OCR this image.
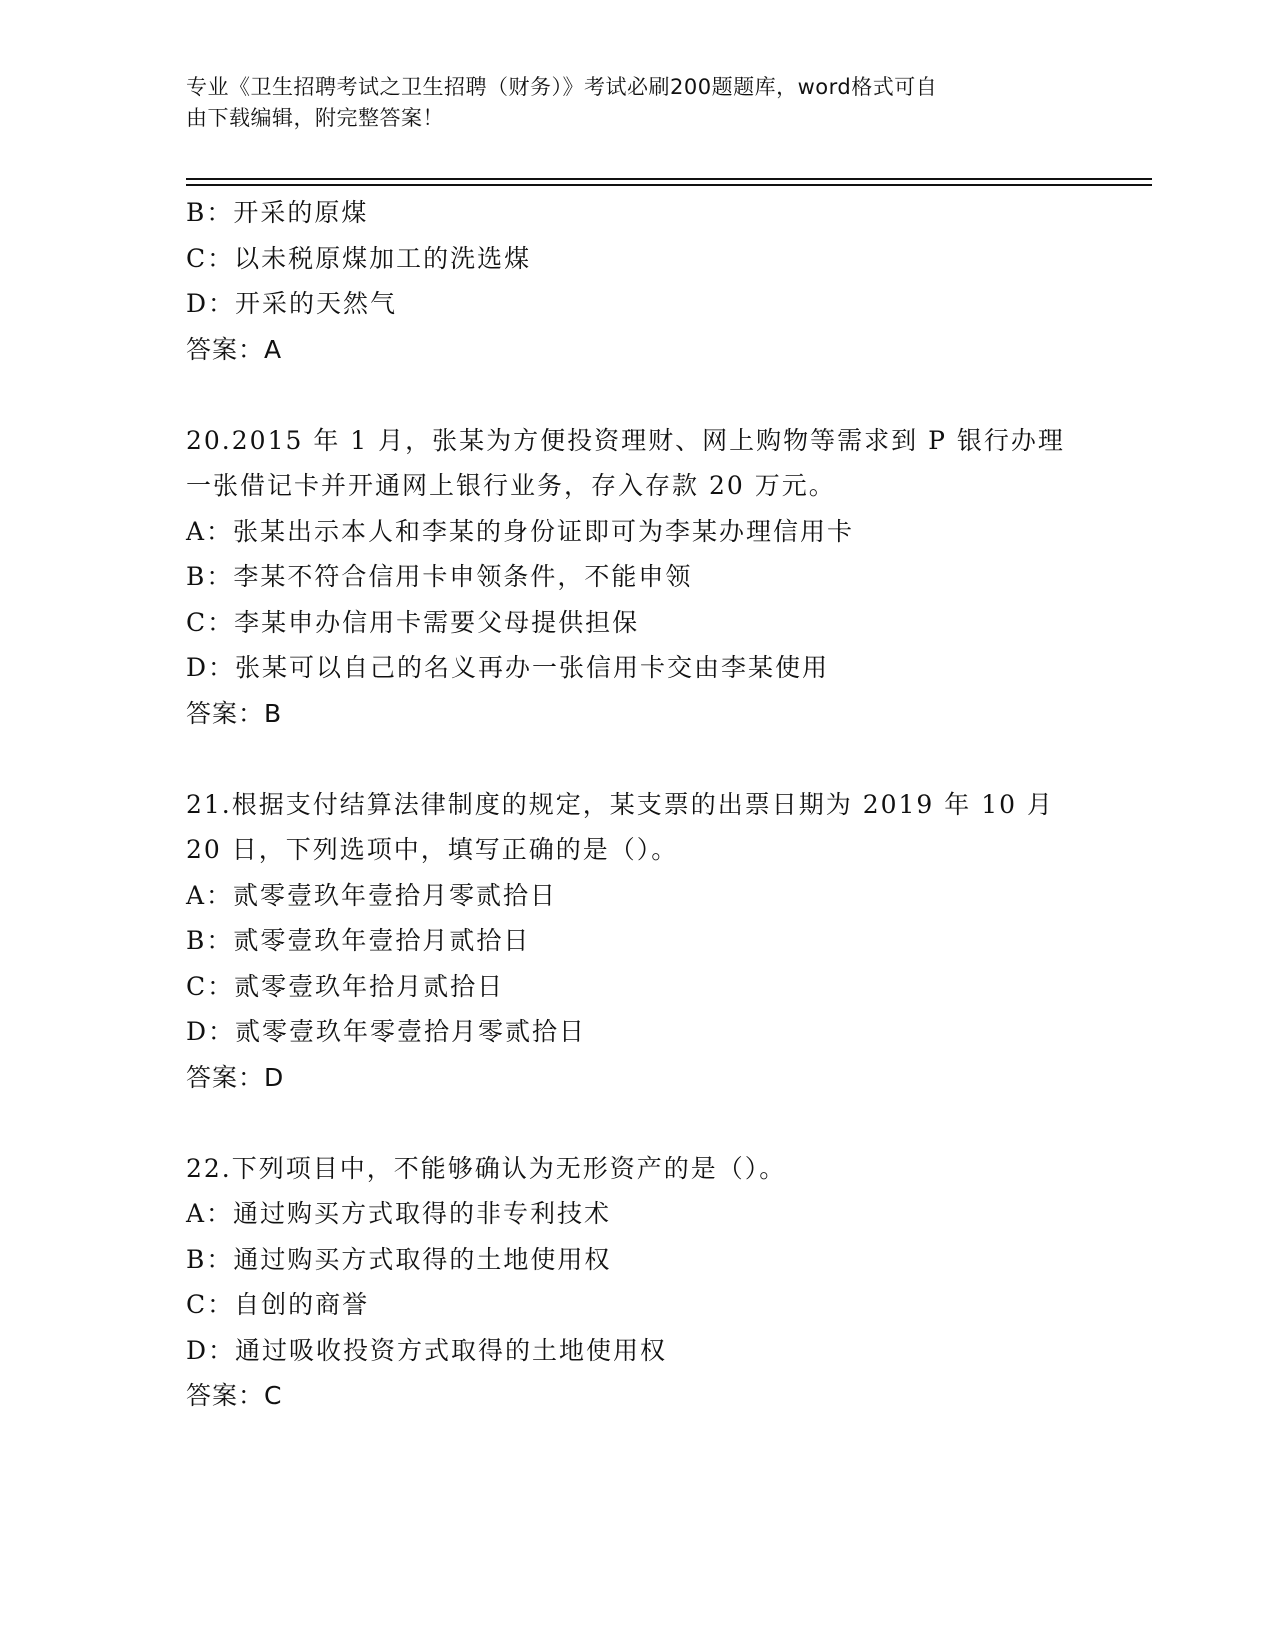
专业《卫生招聘考试之卫生招聘（财务）》考试必刷200题题库，word格式可自
由下载编辑，附完整答案！
B：开采的原煤
C：以未税原煤加工的洗选煤
D：开采的天然气
答案：A
20.2015 年 1 月，张某为方便投资理财、网上购物等需求到 P 银行办理
一张借记卡并开通网上银行业务，存入存款 20 万元。
A：张某出示本人和李某的身份证即可为李某办理信用卡
B：李某不符合信用卡申领条件，不能申领
C：李某申办信用卡需要父母提供担保
D：张某可以自己的名义再办一张信用卡交由李某使用
答案：B
21.根据支付结算法律制度的规定，某支票的出票日期为 2019 年 10 月
20 日，下列选项中，填写正确的是（）。
A：贰零壹玖年壹拾月零贰拾日
B：贰零壹玖年壹拾月贰拾日
C：贰零壹玖年拾月贰拾日
D：贰零壹玖年零壹拾月零贰拾日
答案：D
22.下列项目中，不能够确认为无形资产的是（）。
A：通过购买方式取得的非专利技术
B：通过购买方式取得的土地使用权
C：自创的商誉
D：通过吸收投资方式取得的土地使用权
答案：C
